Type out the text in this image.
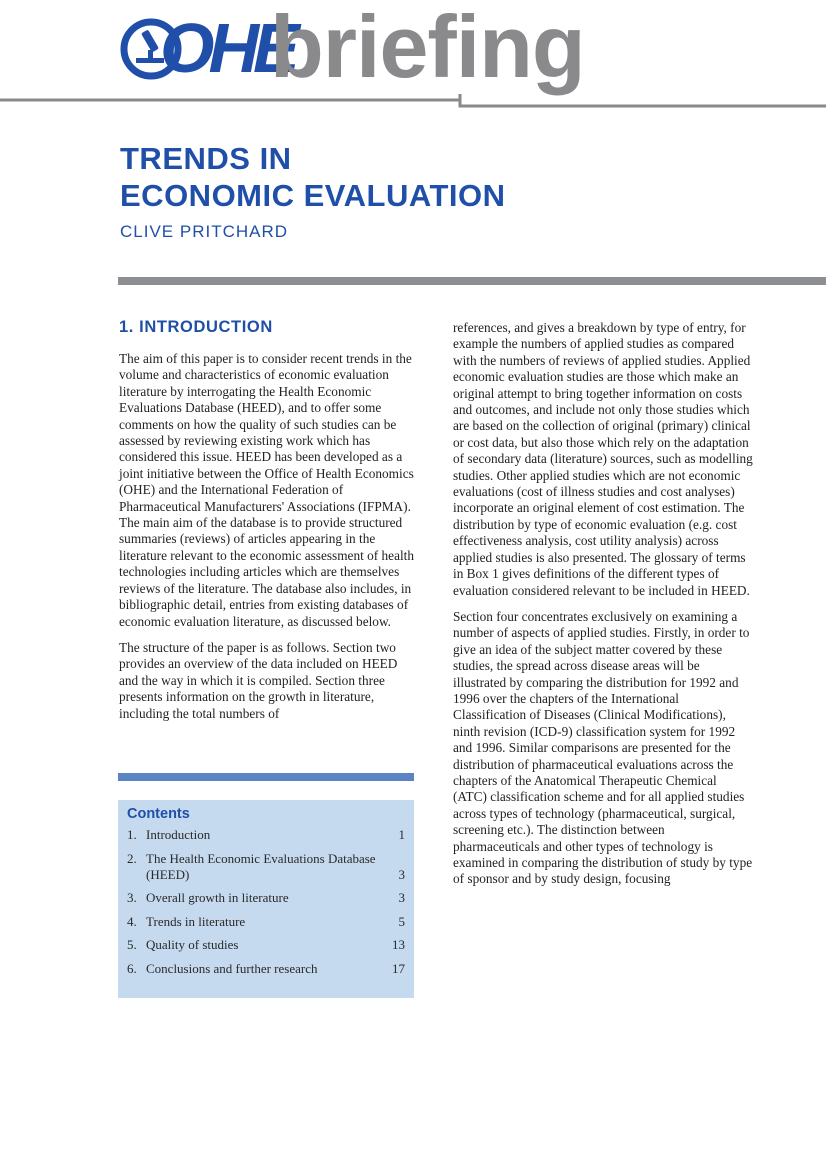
OHE
briefing
TRENDS IN
ECONOMIC EVALUATION
CLIVE PRITCHARD
1. INTRODUCTION

The aim of this paper is to consider recent trends in the volume and characteristics of economic evaluation literature by interrogating the Health Economic Evaluations Database (HEED), and to offer some comments on how the quality of such studies can be assessed by reviewing existing work which has considered this issue. HEED has been developed as a joint initiative between the Office of Health Economics (OHE) and the International Federation of Pharmaceutical Manufacturers' Associations (IFPMA). The main aim of the database is to provide structured summaries (reviews) of articles appearing in the literature relevant to the economic assessment of health technologies including articles which are themselves reviews of the literature. The database also includes, in bibliographic detail, entries from existing databases of economic evaluation literature, as discussed below.

The structure of the paper is as follows. Section two provides an overview of the data included on HEED and the way in which it is compiled. Section three presents information on the growth in literature, including the total numbers of

Contents
1. Introduction	1
2. The Health Economic Evaluations Database (HEED)	3
3. Overall growth in literature	3
4. Trends in literature	5
5. Quality of studies	13
6. Conclusions and further research	17

references, and gives a breakdown by type of entry, for example the numbers of applied studies as compared with the numbers of reviews of applied studies. Applied economic evaluation studies are those which make an original attempt to bring together information on costs and outcomes, and include not only those studies which are based on the collection of original (primary) clinical or cost data, but also those which rely on the adaptation of secondary data (literature) sources, such as modelling studies. Other applied studies which are not economic evaluations (cost of illness studies and cost analyses) incorporate an original element of cost estimation. The distribution by type of economic evaluation (e.g. cost effectiveness analysis, cost utility analysis) across applied studies is also presented. The glossary of terms in Box 1 gives definitions of the different types of evaluation considered relevant to be included in HEED.

Section four concentrates exclusively on examining a number of aspects of applied studies. Firstly, in order to give an idea of the subject matter covered by these studies, the spread across disease areas will be illustrated by comparing the distribution for 1992 and 1996 over the chapters of the International Classification of Diseases (Clinical Modifications), ninth revision (ICD-9) classification system for 1992 and 1996. Similar comparisons are presented for the distribution of pharmaceutical evaluations across the chapters of the Anatomical Therapeutic Chemical (ATC) classification scheme and for all applied studies across types of technology (pharmaceutical, surgical, screening etc.). The distinction between pharmaceuticals and other types of technology is examined in comparing the distribution of study by type of sponsor and by study design, focusing
